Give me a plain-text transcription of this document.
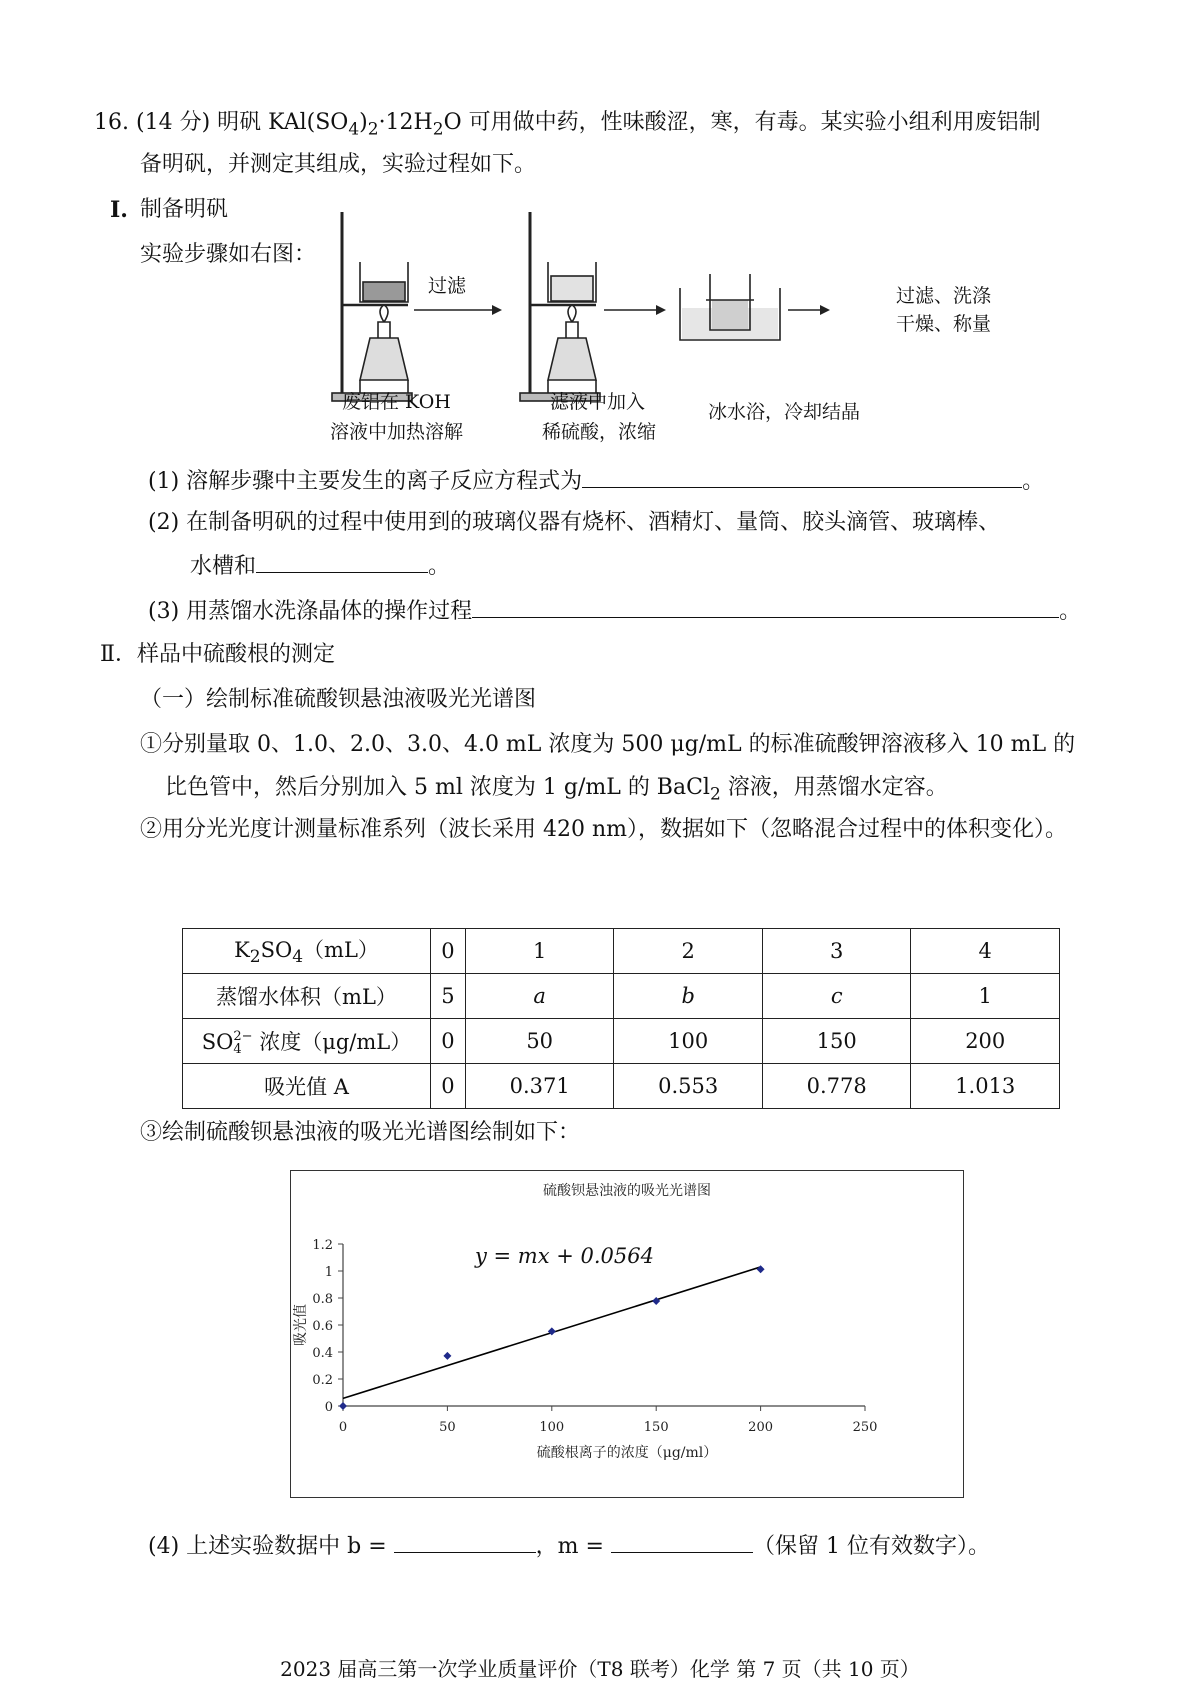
16. (14 分) 明矾 $KAl(SO_4)_2\cdot 12H_2O$ 可用做中药，性味酸涩，寒，有毒。某实验小组利用废铝制
备明矾，并测定其组成，实验过程如下。
I. 制备明矾
实验步骤如右图：
过滤	过滤、洗涤
干燥、称量
废铝在 KOH
溶液中加热溶解
滤液中加入
稀硫酸，浓缩
冰水浴，冷却结晶
(1) 溶解步骤中主要发生的离子反应方程式为	。
(2) 在制备明矾的过程中使用到的玻璃仪器有烧杯、酒精灯、量筒、胶头滴管、玻璃棒、
水槽和	。
(3) 用蒸馏水洗涤晶体的操作过程	。
Ⅱ．样品中硫酸根的测定
（一）绘制标准硫酸钡悬浊液吸光光谱图
①分别量取 0、1.0、2.0、3.0、4.0 mL 浓度为 500 μg/mL 的标准硫酸钾溶液移入 10 mL 的
比色管中，然后分别加入 5 ml 浓度为 1 g/mL 的 BaCl$_2$ 溶液，用蒸馏水定容。
②用分光光度计测量标准系列（波长采用 420 nm），数据如下（忽略混合过程中的体积变化）。
$K_2SO_4(mL)$	0	1	2	3	4
蒸馏水体积（mL）	5	a	b	c	1
SO 2−
4 浓度（μg/mL）	0	50	100	150	200
吸光值 A	0	0.371	0.553	0.778	1.013
③绘制硫酸钡悬浊液的吸光光谱图绘制如下：
硫酸钡悬浊液的吸光光谱图
y = mx + 0.0564
0
0.2
0.4
0.6
0.8
1
1.2
0	50	100	150	200	250
硫酸根离子的浓度（μg/ml）
吸光值
(4) 上述实验数据中 b =	，m =	（保留 1 位有效数字）。
2023 届高三第一次学业质量评价（T8 联考）化学 第 7 页（共 10 页）
